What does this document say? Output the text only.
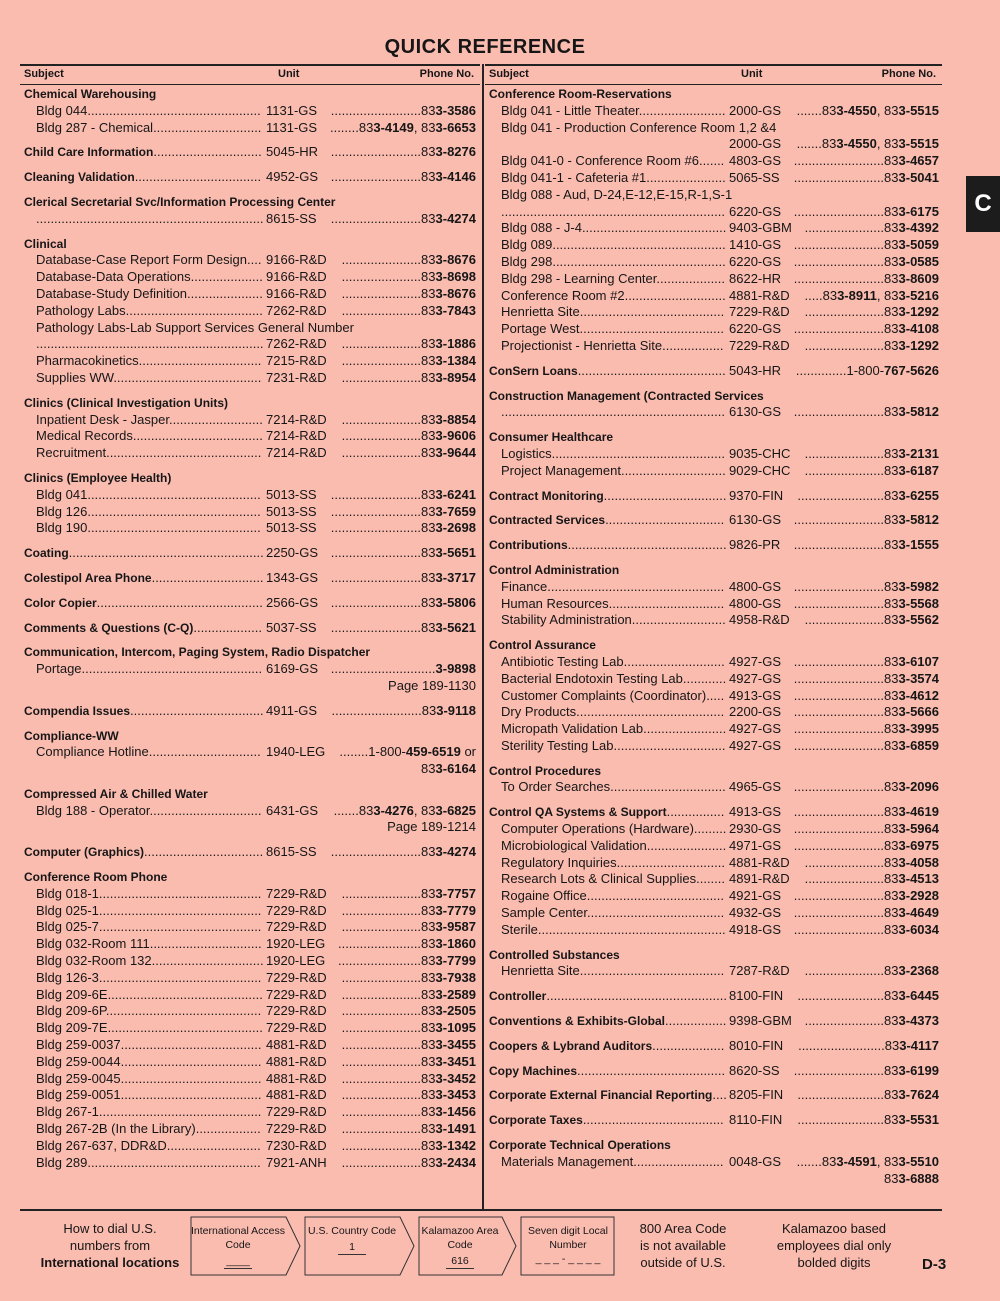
QUICK REFERENCE
Subject	Unit	Phone No. Subject	Unit	Phone No.
Chemical Warehousing
Bldg 044................................................ 1131-GS .........................833-3586
Bldg 287 - Chemical.............................. 1131-GS ........833-4149, 833-6653
Child Care Information.............................. 5045-HR .........................833-8276
Cleaning Validation................................... 4952-GS .........................833-4146
Clerical Secretarial Svc/Information Processing Center
............................................................... 8615-SS .........................833-4274
Clinical
Database-Case Report Form Design.... 9166-R&D ......................833-8676
Database-Data Operations.................... 9166-R&D ......................833-8698
Database-Study Definition..................... 9166-R&D ......................833-8676
Pathology Labs...................................... 7262-R&D ......................833-7843
Pathology Labs-Lab Support Services General Number
............................................................... 7262-R&D ......................833-1886
Pharmacokinetics.................................. 7215-R&D ......................833-1384
Supplies WW......................................... 7231-R&D ......................833-8954
Clinics (Clinical Investigation Units)
Inpatient Desk - Jasper.......................... 7214-R&D ......................833-8854
Medical Records.................................... 7214-R&D ......................833-9606
Recruitment........................................... 7214-R&D ......................833-9644
Clinics (Employee Health)
Bldg 041................................................ 5013-SS .........................833-6241
Bldg 126................................................ 5013-SS .........................833-7659
Bldg 190................................................ 5013-SS .........................833-2698
Coating...................................................... 2250-GS .........................833-5651
Colestipol Area Phone............................... 1343-GS .........................833-3717
Color Copier.............................................. 2566-GS .........................833-5806
Comments & Questions (C-Q)................... 5037-SS .........................833-5621
Communication, Intercom, Paging System, Radio Dispatcher
Portage.................................................. 6169-GS .............................3-9898
Page 189-1130
Compendia Issues..................................... 4911-GS .........................833-9118
Compliance-WW
Compliance Hotline............................... 1940-LEG ........1-800-459-6519 or
833-6164
Compressed Air & Chilled Water
Bldg 188 - Operator............................... 6431-GS .......833-4276, 833-6825
Page 189-1214
Computer (Graphics)................................. 8615-SS .........................833-4274
Conference Room Phone
Bldg 018-1............................................. 7229-R&D ......................833-7757
Bldg 025-1............................................. 7229-R&D ......................833-7779
Bldg 025-7............................................. 7229-R&D ......................833-9587
Bldg 032-Room 111............................... 1920-LEG .......................833-1860
Bldg 032-Room 132............................... 1920-LEG .......................833-7799
Bldg 126-3............................................. 7229-R&D ......................833-7938
Bldg 209-6E........................................... 7229-R&D ......................833-2589
Bldg 209-6P........................................... 7229-R&D ......................833-2505
Bldg 209-7E........................................... 7229-R&D ......................833-1095
Bldg 259-0037....................................... 4881-R&D ......................833-3455
Bldg 259-0044....................................... 4881-R&D ......................833-3451
Bldg 259-0045....................................... 4881-R&D ......................833-3452
Bldg 259-0051....................................... 4881-R&D ......................833-3453
Bldg 267-1............................................. 7229-R&D ......................833-1456
Bldg 267-2B (In the Library).................. 7229-R&D ......................833-1491
Bldg 267-637, DDR&D.......................... 7230-R&D ......................833-1342
Bldg 289................................................ 7921-ANH ......................833-2434
Conference Room-Reservations
Bldg 041 - Little Theater........................ 2000-GS .......833-4550, 833-5515
Bldg 041 - Production Conference Room 1,2 &4
2000-GS .......833-4550, 833-5515
Bldg 041-0 - Conference Room #6....... 4803-GS .........................833-4657
Bldg 041-1 - Cafeteria #1...................... 5065-SS .........................833-5041
Bldg 088 - Aud, D-24,E-12,E-15,R-1,S-1
.............................................................. 6220-GS .........................833-6175
Bldg 088 - J-4........................................ 9403-GBM ......................833-4392
Bldg 089................................................ 1410-GS .........................833-5059
Bldg 298................................................ 6220-GS .........................833-0585
Bldg 298 - Learning Center................... 8622-HR .........................833-8609
Conference Room #2............................ 4881-R&D .....833-8911, 833-5216
Henrietta Site........................................ 7229-R&D ......................833-1292
Portage West........................................ 6220-GS .........................833-4108
Projectionist - Henrietta Site................. 7229-R&D ......................833-1292
ConSern Loans......................................... 5043-HR ..............1-800-767-5626
Construction Management (Contracted Services
.............................................................. 6130-GS .........................833-5812
Consumer Healthcare
Logistics................................................ 9035-CHC ......................833-2131
Project Management............................. 9029-CHC ......................833-6187
Contract Monitoring.................................. 9370-FIN ........................833-6255
Contracted Services................................. 6130-GS .........................833-5812
Contributions............................................ 9826-PR .........................833-1555
Control Administration
Finance................................................. 4800-GS .........................833-5982
Human Resources................................ 4800-GS .........................833-5568
Stability Administration.......................... 4958-R&D ......................833-5562
Control Assurance
Antibiotic Testing Lab............................ 4927-GS .........................833-6107
Bacterial Endotoxin Testing Lab............ 4927-GS .........................833-3574
Customer Complaints (Coordinator)..... 4913-GS .........................833-4612
Dry Products......................................... 2200-GS .........................833-5666
Micropath Validation Lab....................... 4927-GS .........................833-3995
Sterility Testing Lab............................... 4927-GS .........................833-6859
Control Procedures
To Order Searches................................ 4965-GS .........................833-2096
Control QA Systems & Support................ 4913-GS .........................833-4619
Computer Operations (Hardware)......... 2930-GS .........................833-5964
Microbiological Validation...................... 4971-GS .........................833-6975
Regulatory Inquiries.............................. 4881-R&D ......................833-4058
Research Lots & Clinical Supplies........ 4891-R&D ......................833-4513
Rogaine Office...................................... 4921-GS .........................833-2928
Sample Center...................................... 4932-GS .........................833-4649
Sterile.................................................... 4918-GS .........................833-6034
Controlled Substances
Henrietta Site........................................ 7287-R&D ......................833-2368
Controller.................................................. 8100-FIN ........................833-6445
Conventions & Exhibits-Global................. 9398-GBM ......................833-4373
Coopers & Lybrand Auditors.................... 8010-FIN ........................833-4117
Copy Machines......................................... 8620-SS .........................833-6199
Corporate External Financial Reporting.... 8205-FIN ........................833-7624
Corporate Taxes....................................... 8110-FIN ........................833-5531
Corporate Technical Operations
Materials Management......................... 0048-GS .......833-4591, 833-5510
833-6888
C
How to dial U.S.
numbers from
International locations
International Access Code
____
U.S. Country Code
1
Kalamazoo Area Code
616
Seven digit Local Number
_ _ _ - _ _ _ _
800 Area Code
is not available
outside of U.S.
Kalamazoo based
employees dial only
bolded digits	D-3
